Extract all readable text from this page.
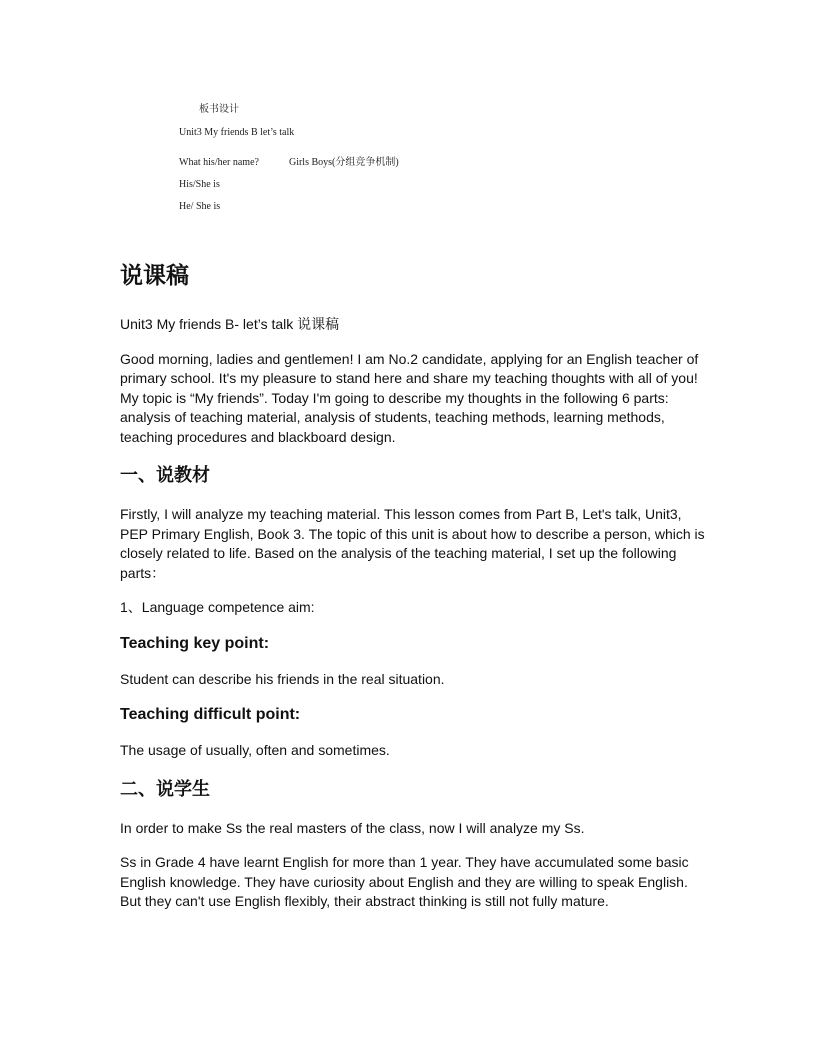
板书设计
Unit3 My friends B let’s talk
What his/her name?	Girls Boys(分组竞争机制)
His/She is
He/ She is
说课稿

Unit3 My friends B- let’s talk 说课稿

Good morning, ladies and gentlemen! I am No.2 candidate, applying for an English teacher of primary school. It's my pleasure to stand here and share my teaching thoughts with all of you! My topic is “My friends”. Today I'm going to describe my thoughts in the following 6 parts: analysis of teaching material, analysis of students, teaching methods, learning methods, teaching procedures and blackboard design.

一、说教材

Firstly, I will analyze my teaching material. This lesson comes from Part B, Let's talk, Unit3, PEP Primary English, Book 3. The topic of this unit is about how to describe a person, which is closely related to life. Based on the analysis of the teaching material, I set up the following parts：

1、Language competence aim:

Teaching key point:

Student can describe his friends in the real situation.

Teaching difficult point:

The usage of usually, often and sometimes.

二、说学生

In order to make Ss the real masters of the class, now I will analyze my Ss.

Ss in Grade 4 have learnt English for more than 1 year. They have accumulated some basic English knowledge. They have curiosity about English and they are willing to speak English. But they can't use English flexibly, their abstract thinking is still not fully mature.
